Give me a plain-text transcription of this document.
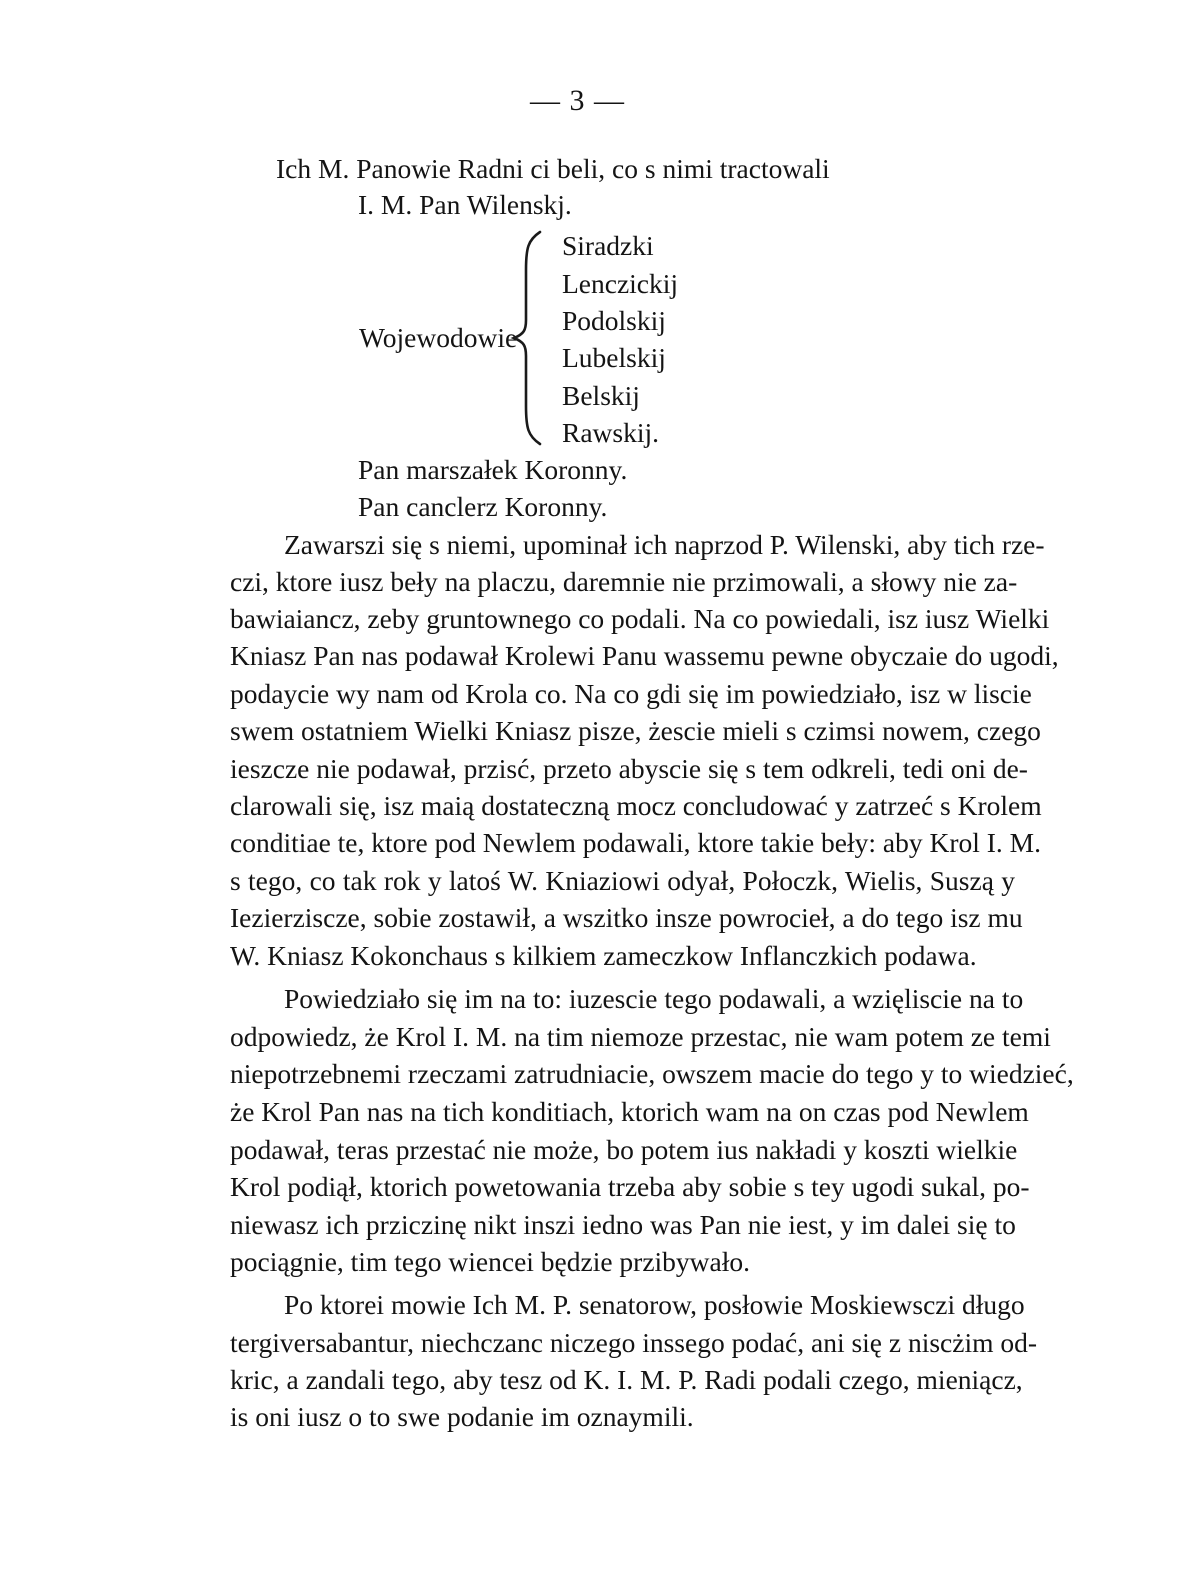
— 3 —
Ich M. Panowie Radni ci beli, co s nimi tractowali
I. M. Pan Wilenskj.
Wojewodowie
Siradzki
Lenczickij
Podolskij
Lubelskij
Belskij
Rawskij.
Pan marszałek Koronny.
Pan canclerz Koronny.
Zawarszi się s niemi, upominał ich naprzod P. Wilenski, aby tich rze-
czi, ktore iusz beły na placzu, daremnie nie przimowali, a słowy nie za-
bawiaiancz, zeby gruntownego co podali. Na co powiedali, isz iusz Wielki
Kniasz Pan nas podawał Krolewi Panu wassemu pewne obyczaie do ugodi,
podaycie wy nam od Krola co. Na co gdi się im powiedziało, isz w liscie
swem ostatniem Wielki Kniasz pisze, żescie mieli s czimsi nowem, czego
ieszcze nie podawał, przisć, przeto abyscie się s tem odkreli, tedi oni de-
clarowali się, isz maią dostateczną mocz concludować y zatrzeć s Krolem
conditiae te, ktore pod Newlem podawali, ktore takie beły: aby Krol I. M.
s tego, co tak rok y latoś W. Kniaziowi odyał, Połoczk, Wielis, Suszą y
Iezierziscze, sobie zostawił, a wszitko insze powrocieł, a do tego isz mu
W. Kniasz Kokonchaus s kilkiem zameczkow Inflanczkich podawa.
Powiedziało się im na to: iuzescie tego podawali, a wzięliscie na to
odpowiedz, że Krol I. M. na tim niemoze przestac, nie wam potem ze temi
niepotrzebnemi rzeczami zatrudniacie, owszem macie do tego y to wiedzieć,
że Krol Pan nas na tich konditiach, ktorich wam na on czas pod Newlem
podawał, teras przestać nie może, bo potem ius nakładi y koszti wielkie
Krol podiął, ktorich powetowania trzeba aby sobie s tey ugodi sukal, po-
niewasz ich prziczinę nikt inszi iedno was Pan nie iest, y im dalei się to
pociągnie, tim tego wiencei będzie przibywało.
Po ktorei mowie Ich M. P. senatorow, posłowie Moskiewsczi długo
tergiversabantur, niechczanc niczego inssego podać, ani się z niscżim od-
kric, a zandali tego, aby tesz od K. I. M. P. Radi podali czego, mieniącz,
is oni iusz o to swe podanie im oznaymili.
